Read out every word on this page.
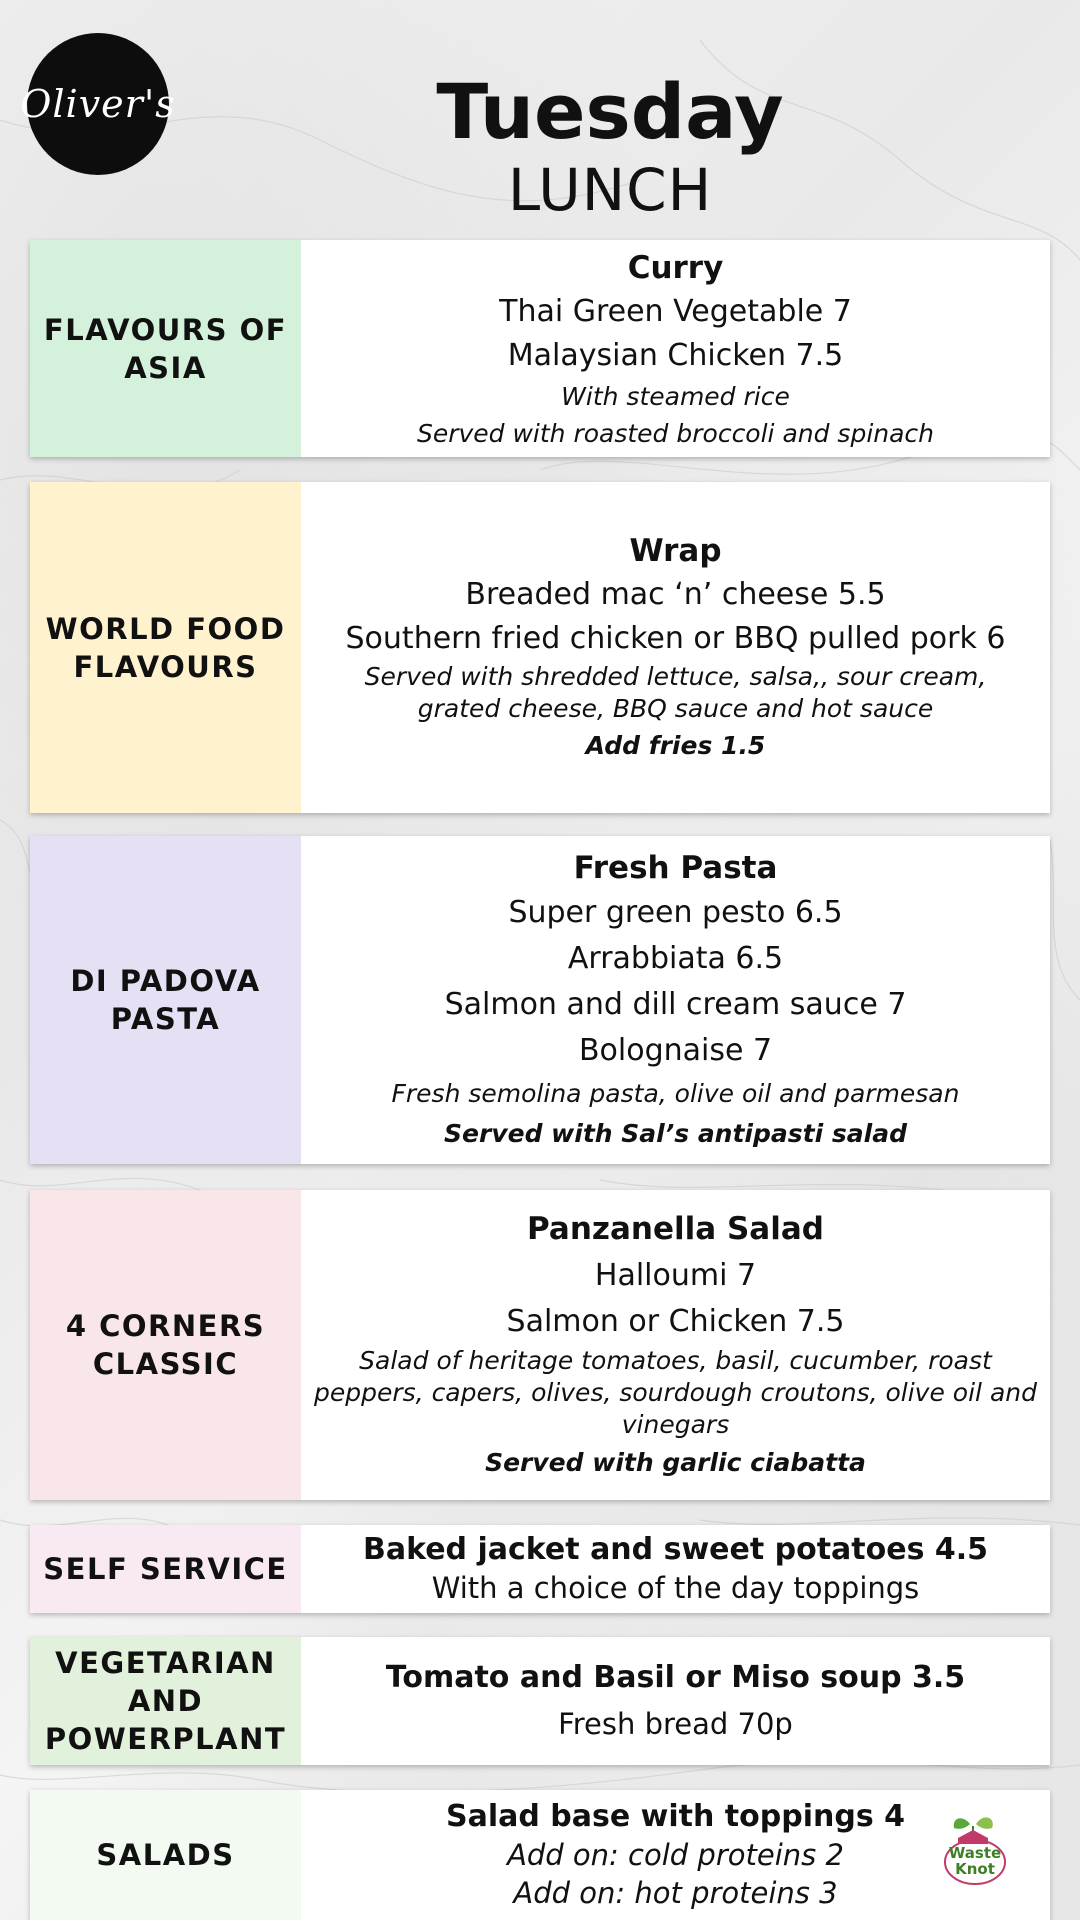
Oliver's	Tuesday
LUNCH
FLAVOURS OF ASIA
Curry
Thai Green Vegetable 7
Malaysian Chicken 7.5
With steamed rice
Served with roasted broccoli and spinach
WORLD FOOD FLAVOURS
Wrap
Breaded mac ‘n’ cheese 5.5
Southern fried chicken or BBQ pulled pork 6
Served with shredded lettuce, salsa,, sour cream, grated cheese, BBQ sauce and hot sauce
Add fries 1.5
DI PADOVA PASTA
Fresh Pasta
Super green pesto 6.5
Arrabbiata 6.5
Salmon and dill cream sauce 7
Bolognaise 7
Fresh semolina pasta, olive oil and parmesan
Served with Sal’s antipasti salad
4 CORNERS CLASSIC
Panzanella Salad
Halloumi 7
Salmon or Chicken 7.5
Salad of heritage tomatoes, basil, cucumber, roast peppers, capers, olives, sourdough croutons, olive oil and vinegars
Served with garlic ciabatta
SELF SERVICE
Baked jacket and sweet potatoes 4.5
With a choice of the day toppings
VEGETARIAN AND POWERPLANT
Tomato and Basil or Miso soup 3.5
Fresh bread 70p
SALADS
Salad base with toppings 4
Add on: cold proteins 2
Add on: hot proteins 3
Waste
Knot
